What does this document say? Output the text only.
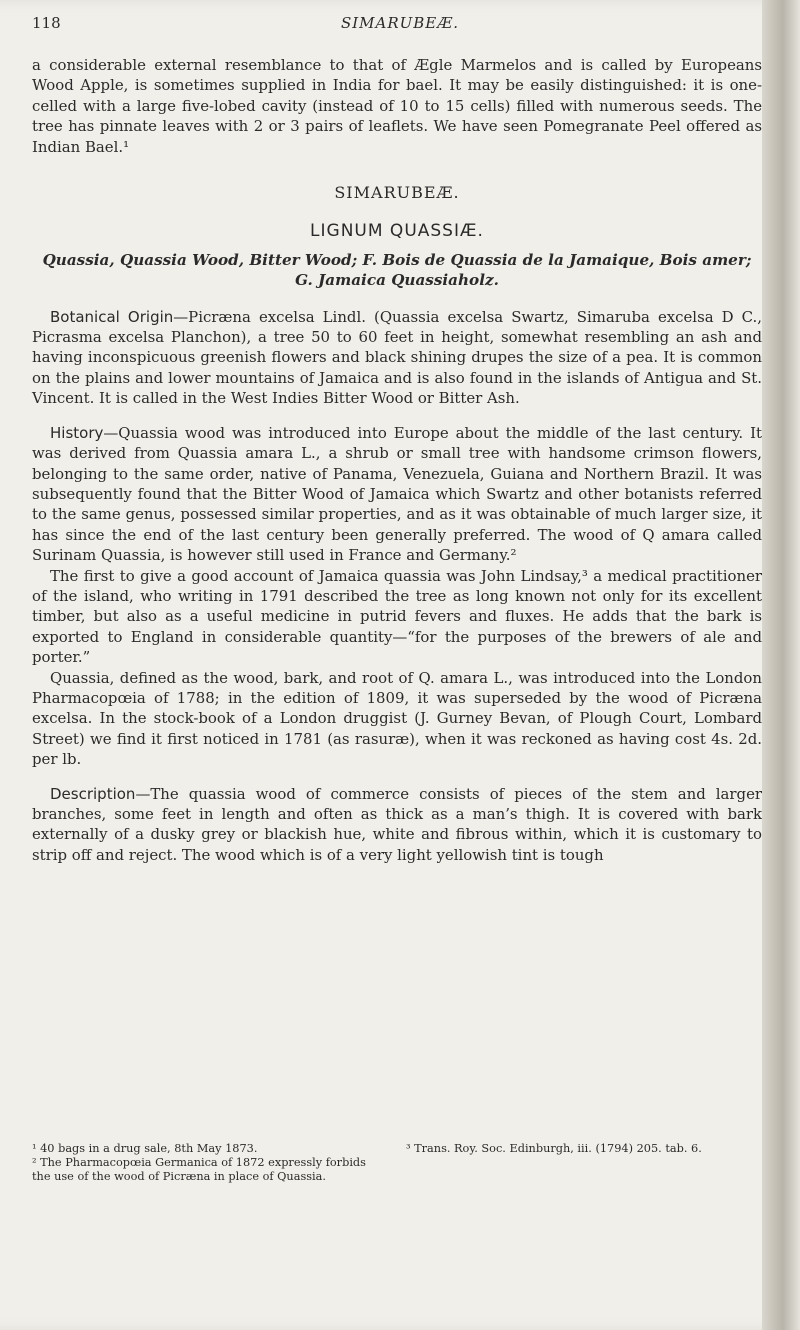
118	SIMARUBEÆ.

a considerable external resemblance to that of Ægle Marmelos and is called by Europeans Wood Apple, is sometimes supplied in India for bael. It may be easily distinguished: it is one-celled with a large five-lobed cavity (instead of 10 to 15 cells) filled with numerous seeds. The tree has pinnate leaves with 2 or 3 pairs of leaflets. We have seen Pomegranate Peel offered as Indian Bael.¹

SIMARUBEÆ.
LIGNUM QUASSIÆ.
Quassia, Quassia Wood, Bitter Wood; F. Bois de Quassia de la Jamaique, Bois amer; G. Jamaica Quassiaholz.

Botanical Origin—Picræna excelsa Lindl. (Quassia excelsa Swartz, Simaruba excelsa D C., Picrasma excelsa Planchon), a tree 50 to 60 feet in height, somewhat resembling an ash and having inconspicuous greenish flowers and black shining drupes the size of a pea. It is common on the plains and lower mountains of Jamaica and is also found in the islands of Antigua and St. Vincent. It is called in the West Indies Bitter Wood or Bitter Ash.

History—Quassia wood was introduced into Europe about the middle of the last century. It was derived from Quassia amara L., a shrub or small tree with handsome crimson flowers, belonging to the same order, native of Panama, Venezuela, Guiana and Northern Brazil. It was subsequently found that the Bitter Wood of Jamaica which Swartz and other botanists referred to the same genus, possessed similar properties, and as it was obtainable of much larger size, it has since the end of the last century been generally preferred. The wood of Q amara called Surinam Quassia, is however still used in France and Germany.²

The first to give a good account of Jamaica quassia was John Lindsay,³ a medical practitioner of the island, who writing in 1791 described the tree as long known not only for its excellent timber, but also as a useful medicine in putrid fevers and fluxes. He adds that the bark is exported to England in considerable quantity—“for the purposes of the brewers of ale and porter.”

Quassia, defined as the wood, bark, and root of Q. amara L., was introduced into the London Pharmacopœia of 1788; in the edition of 1809, it was superseded by the wood of Picræna excelsa. In the stock-book of a London druggist (J. Gurney Bevan, of Plough Court, Lombard Street) we find it first noticed in 1781 (as rasuræ), when it was reckoned as having cost 4s. 2d. per lb.

Description—The quassia wood of commerce consists of pieces of the stem and larger branches, some feet in length and often as thick as a man’s thigh. It is covered with bark externally of a dusky grey or blackish hue, white and fibrous within, which it is customary to strip off and reject. The wood which is of a very light yellowish tint is tough

¹ 40 bags in a drug sale, 8th May 1873.
² The Pharmacopœia Germanica of 1872 expressly forbids the use of the wood of Picræna in place of Quassia.
³ Trans. Roy. Soc. Edinburgh, iii. (1794) 205. tab. 6.
